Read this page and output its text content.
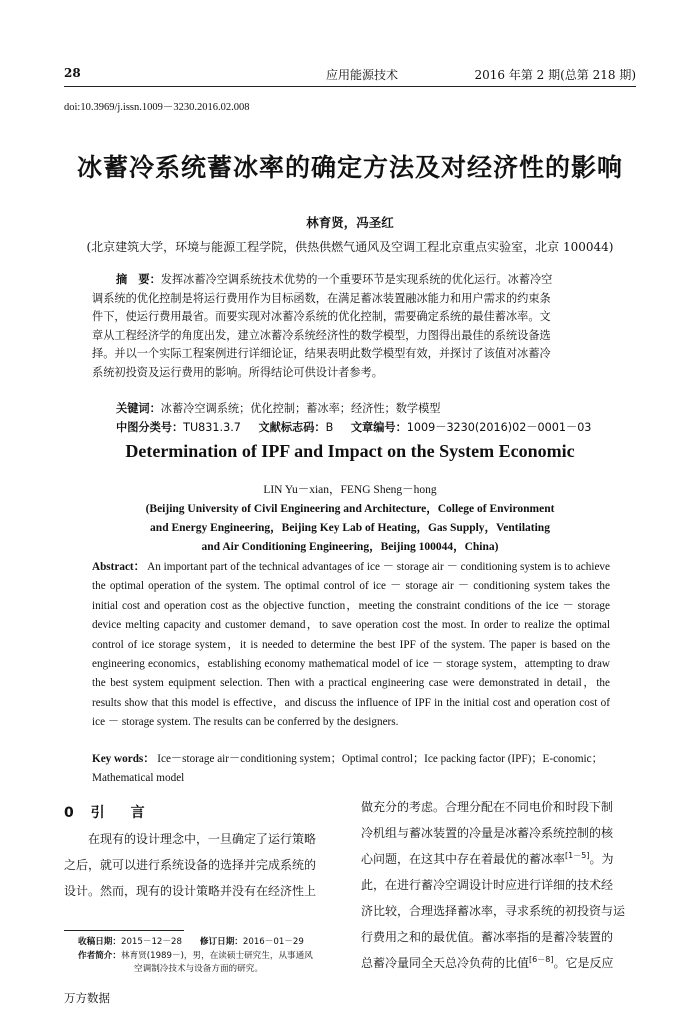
28	应用能源技术	2016 年第 2 期(总第 218 期)
doi:10.3969/j.issn.1009－3230.2016.02.008
冰蓄冷系统蓄冰率的确定方法及对经济性的影响
林育贤，冯圣红
(北京建筑大学，环境与能源工程学院，供热供燃气通风及空调工程北京重点实验室，北京 100044)
摘　要：发挥冰蓄冷空调系统技术优势的一个重要环节是实现系统的优化运行。冰蓄冷空
调系统的优化控制是将运行费用作为目标函数，在满足蓄冰装置融冰能力和用户需求的约束条
件下，使运行费用最省。而要实现对冰蓄冷系统的优化控制，需要确定系统的最佳蓄冰率。文
章从工程经济学的角度出发，建立冰蓄冷系统经济性的数学模型，力图得出最佳的系统设备选
择。并以一个实际工程案例进行详细论证，结果表明此数学模型有效，并探讨了该值对冰蓄冷
系统初投资及运行费用的影响。所得结论可供设计者参考。
关键词：冰蓄冷空调系统；优化控制；蓄冰率；经济性；数学模型
中图分类号：TU831.3.7 文献标志码：B 文章编号：1009－3230(2016)02－0001－03
Determination of IPF and Impact on the System Economic
LIN Yu－xian，FENG Sheng－hong
(Beijing University of Civil Engineering and Architecture，College of Environment
and Energy Engineering，Beijing Key Lab of Heating，Gas Supply，Ventilating
and Air Conditioning Engineering，Beijing 100044，China)
Abstract： An important part of the technical advantages of ice － storage air － conditioning system is to achieve the optimal operation of the system. The optimal control of ice － storage air － conditioning system takes the initial cost and operation cost as the objective function，meeting the constraint conditions of the ice － storage device melting capacity and customer demand，to save operation cost the most. In order to realize the optimal control of ice storage system，it is needed to determine the best IPF of the system. The paper is based on the engineering economics，establishing economy mathematical model of ice － storage system，attempting to draw the best system equipment selection. Then with a practical engineering case were demonstrated in detail，the results show that this model is effective，and discuss the influence of IPF in the initial cost and operation cost of ice － storage system. The results can be conferred by the designers.
Key words： Ice－storage air－conditioning system；Optimal control；Ice packing factor (IPF)；E-conomic；Mathematical model
0 引　言
在现有的设计理念中，一旦确定了运行策略
之后，就可以进行系统设备的选择并完成系统的
设计。然而，现有的设计策略并没有在经济性上
收稿日期：2015－12－28 修订日期：2016－01－29
作者简介：林育贤(1989－)，男，在读硕士研究生，从事通风
空调制冷技术与设备方面的研究。
做充分的考虑。合理分配在不同电价和时段下制
冷机组与蓄冰装置的冷量是冰蓄冷系统控制的核
心问题，在这其中存在着最优的蓄冰率[1－5]。为
此，在进行蓄冷空调设计时应进行详细的技术经
济比较，合理选择蓄冰率，寻求系统的初投资与运
行费用之和的最优值。蓄冰率指的是蓄冷装置的
总蓄冷量同全天总冷负荷的比值[6－8]。它是反应
万方数据
